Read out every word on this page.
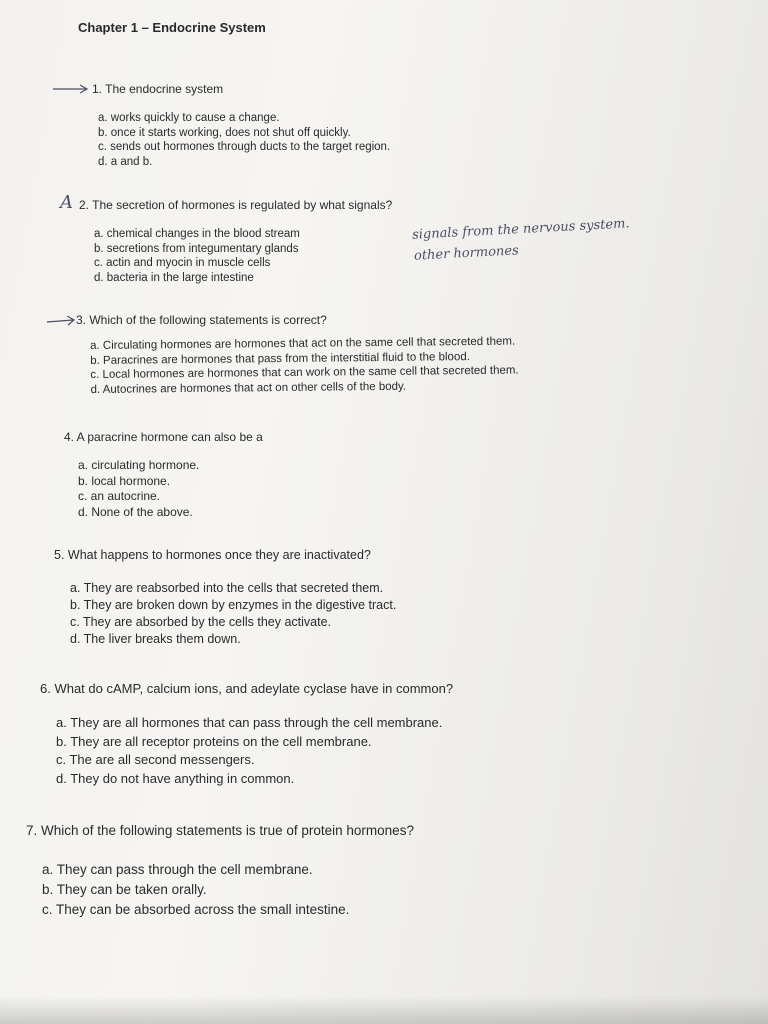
Chapter 1 – Endocrine System
1. The endocrine system
a. works quickly to cause a change.
b. once it starts working, does not shut off quickly.
c. sends out hormones through ducts to the target region.
d. a and b.
A 2. The secretion of hormones is regulated by what signals?
a. chemical changes in the blood stream
b. secretions from integumentary glands
c. actin and myocin in muscle cells
d. bacteria in the large intestine
signals from the nervous system.
other hormones
3. Which of the following statements is correct?
a. Circulating hormones are hormones that act on the same cell that secreted them.
b. Paracrines are hormones that pass from the interstitial fluid to the blood.
c. Local hormones are hormones that can work on the same cell that secreted them.
d. Autocrines are hormones that act on other cells of the body.
4. A paracrine hormone can also be a
a. circulating hormone.
b. local hormone.
c. an autocrine.
d. None of the above.
5. What happens to hormones once they are inactivated?
a. They are reabsorbed into the cells that secreted them.
b. They are broken down by enzymes in the digestive tract.
c. They are absorbed by the cells they activate.
d. The liver breaks them down.
6. What do cAMP, calcium ions, and adeylate cyclase have in common?
a. They are all hormones that can pass through the cell membrane.
b. They are all receptor proteins on the cell membrane.
c. The are all second messengers.
d. They do not have anything in common.
7. Which of the following statements is true of protein hormones?
a. They can pass through the cell membrane.
b. They can be taken orally.
c. They can be absorbed across the small intestine.
